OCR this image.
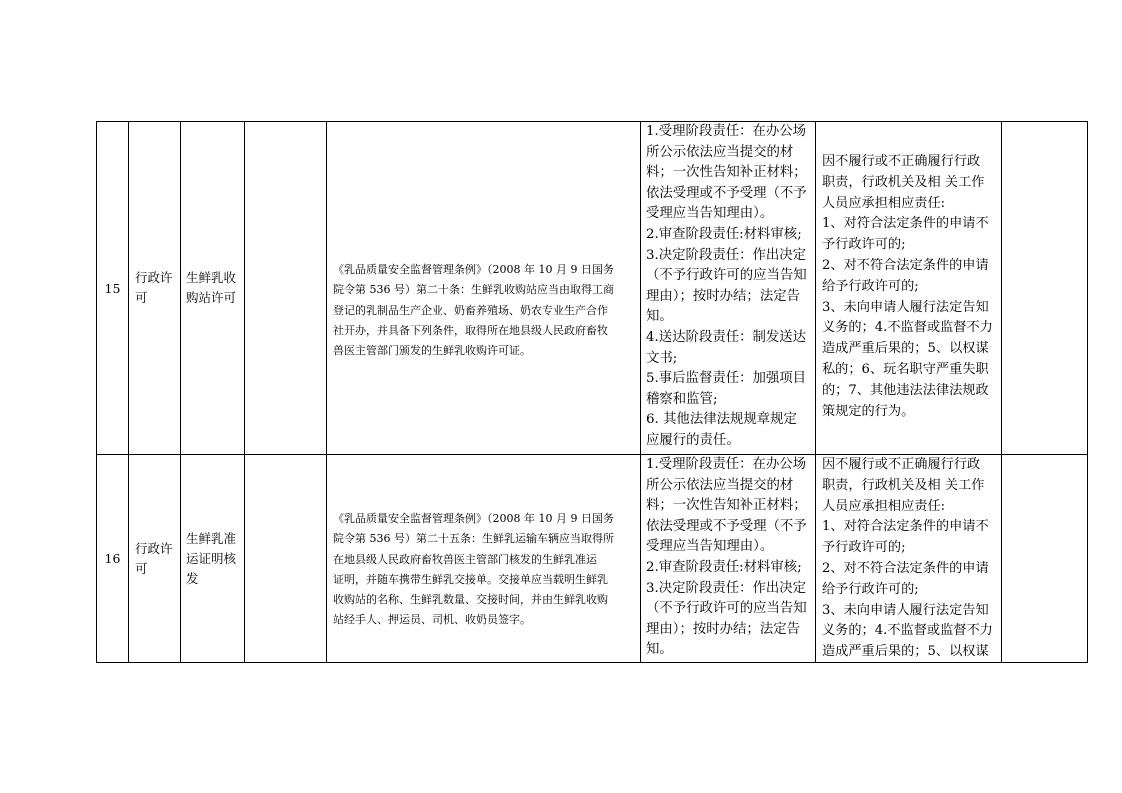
15
行政许
可
生鲜乳收
购站许可
《乳品质量安全监督管理条例》（2008 年 10 月 9 日国务
院令第 536 号）第二十条：生鲜乳收购站应当由取得工商
登记的乳制品生产企业、奶畜养殖场、奶农专业生产合作
社开办，并具备下列条件，取得所在地县级人民政府畜牧
兽医主管部门颁发的生鲜乳收购许可证。
1.受理阶段责任：在办公场
所公示依法应当提交的材
料；一次性告知补正材料；
依法受理或不予受理（不予
受理应当告知理由）。
2.审查阶段责任:材料审核;
3.决定阶段责任：作出决定
（不予行政许可的应当告知
理由）；按时办结；法定告
知。
4.送达阶段责任：制发送达
文书;
5.事后监督责任：加强项目
稽察和监管;
6. 其他法律法规规章规定
应履行的责任。
因不履行或不正确履行行政
职责，行政机关及相 关工作
人员应承担相应责任:
1、对符合法定条件的申请不
予行政许可的;
2、对不符合法定条件的申请
给予行政许可的;
3、未向申请人履行法定告知
义务的；4.不监督或监督不力
造成严重后果的；5、以权谋
私的；6、玩名职守严重失职
的；7、其他违法法律法规政
策规定的行为。
16
行政许
可
生鲜乳准
运证明核
发
《乳品质量安全监督管理条例》（2008 年 10 月 9 日国务
院令第 536 号）第二十五条：生鲜乳运输车辆应当取得所
在地县级人民政府畜牧兽医主管部门核发的生鲜乳准运
证明，并随车携带生鲜乳交接单。交接单应当载明生鲜乳
收购站的名称、生鲜乳数量、交接时间，并由生鲜乳收购
站经手人、押运员、司机、收奶员签字。
1.受理阶段责任：在办公场
所公示依法应当提交的材
料；一次性告知补正材料；
依法受理或不予受理（不予
受理应当告知理由）。
2.审查阶段责任:材料审核;
3.决定阶段责任：作出决定
（不予行政许可的应当告知
理由）；按时办结；法定告
知。
因不履行或不正确履行行政
职责，行政机关及相 关工作
人员应承担相应责任:
1、对符合法定条件的申请不
予行政许可的;
2、对不符合法定条件的申请
给予行政许可的;
3、未向申请人履行法定告知
义务的；4.不监督或监督不力
造成严重后果的；5、以权谋
